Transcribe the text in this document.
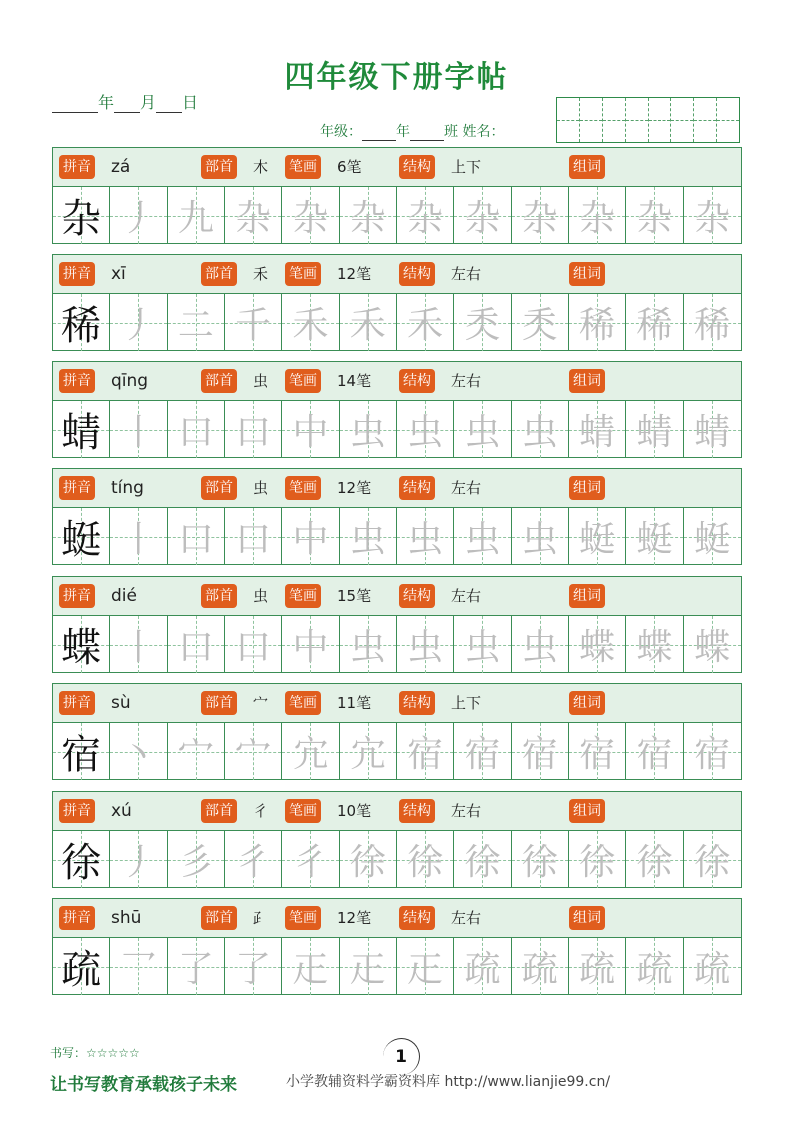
四年级下册字帖
年 月 日
年级： 年 班 姓名：
拼音 zá	部首 木 笔画 6笔	结构 上下	组词
杂 丿 九 杂 杂 杂 杂 杂 杂 杂 杂 杂
拼音 xī	部首 禾 笔画 12笔 结构 左右	组词
稀 丿 二 千 禾 禾 禾 秂 秂 稀 稀 稀
拼音 qīng	部首 虫 笔画 14笔 结构 左右	组词
蜻 丨 口 口 中 虫 虫 虫 虫 蜻 蜻 蜻
拼音 tíng	部首 虫 笔画 12笔 结构 左右	组词
蜓 丨 口 口 中 虫 虫 虫 虫 蜓 蜓 蜓
拼音 dié	部首 虫 笔画 15笔 结构 左右	组词
蝶 丨 口 口 中 虫 虫 虫 虫 蝶 蝶 蝶
拼音 sù	部首 宀 笔画 11笔 结构 上下	组词
宿 丶 宀 宀 宂 宂 宿 宿 宿 宿 宿 宿
拼音 xú	部首 彳 笔画 10笔 结构 左右	组词
徐 丿 彡 彳 彳 徐 徐 徐 徐 徐 徐 徐
拼音 shū	部首 ⺪ 笔画 12笔 结构 左右	组词
疏 乛 了 了 𤴓 𤴓 𤴓 疏 疏 疏 疏 疏
书写：☆☆☆☆☆
让书写教育承载孩子未来
1
小学教辅资料学霸资料库 http://www.lianjie99.cn/
